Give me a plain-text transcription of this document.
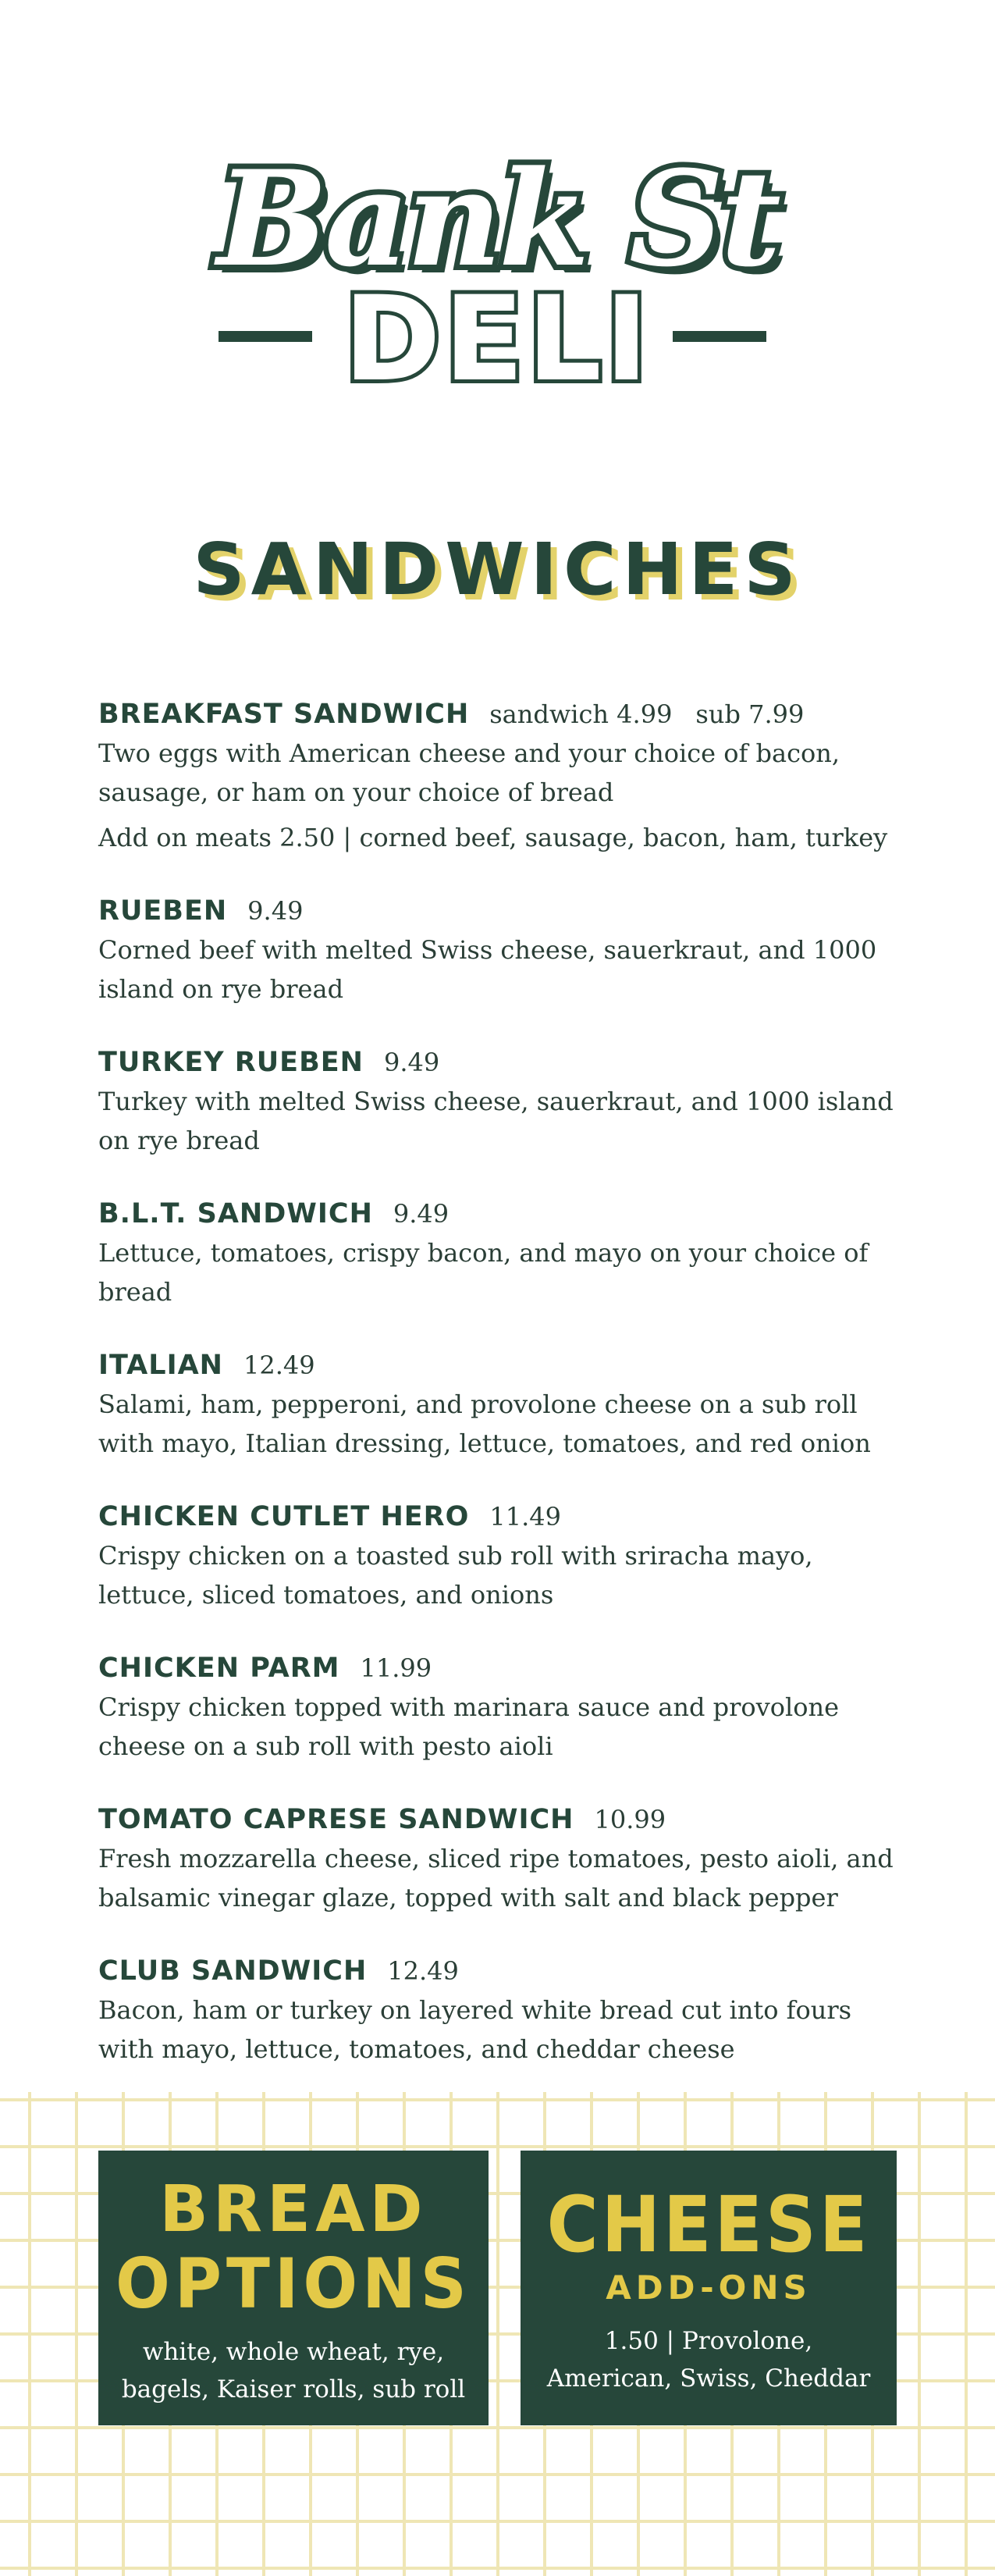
Bank St
DELI
SANDWICHES
BREAKFAST SANDWICH sandwich 4.99 sub 7.99

Two eggs with American cheese and your choice of bacon, sausage, or ham on your choice of bread

Add on meats 2.50 | corned beef, sausage, bacon, ham, turkey
RUEBEN 9.49

Corned beef with melted Swiss cheese, sauerkraut, and 1000 island on rye bread

TURKEY RUEBEN 9.49

Turkey with melted Swiss cheese, sauerkraut, and 1000 island on rye bread

B.L.T. SANDWICH 9.49

Lettuce, tomatoes, crispy bacon, and mayo on your choice of bread

ITALIAN 12.49

Salami, ham, pepperoni, and provolone cheese on a sub roll with mayo, Italian dressing, lettuce, tomatoes, and red onion

CHICKEN CUTLET HERO 11.49

Crispy chicken on a toasted sub roll with sriracha mayo, lettuce, sliced tomatoes, and onions

CHICKEN PARM 11.99

Crispy chicken topped with marinara sauce and provolone cheese on a sub roll with pesto aioli

TOMATO CAPRESE SANDWICH 10.99

Fresh mozzarella cheese, sliced ripe tomatoes, pesto aioli, and balsamic vinegar glaze, topped with salt and black pepper

CLUB SANDWICH 12.49

Bacon, ham or turkey on layered white bread cut into fours with mayo, lettuce, tomatoes, and cheddar cheese

BREAD
OPTIONS
white, whole wheat, rye, bagels, Kaiser rolls, sub roll
CHEESE
ADD-ONS
1.50 | Provolone, American, Swiss, Cheddar
